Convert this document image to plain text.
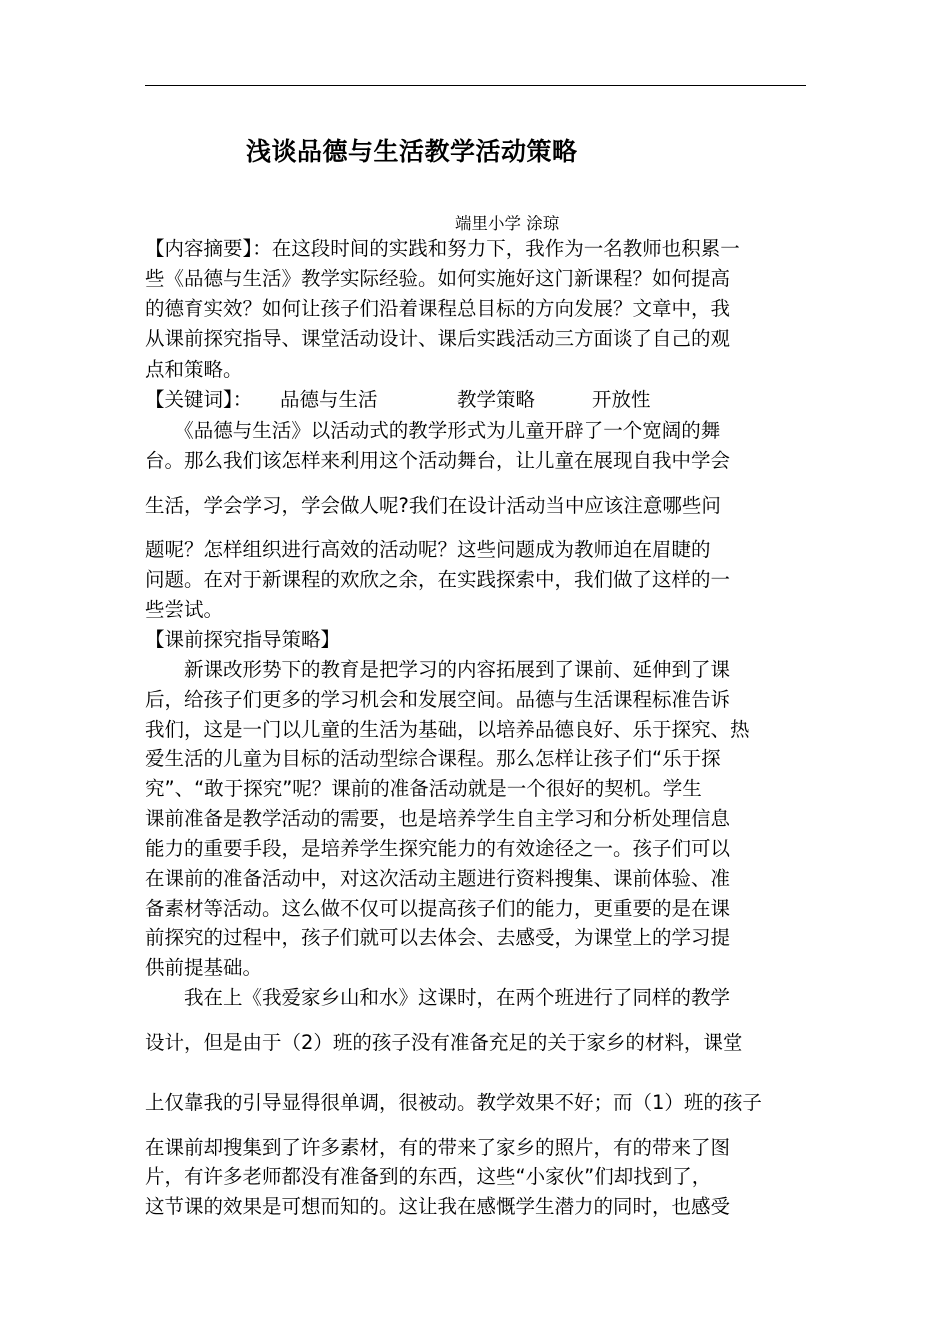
浅谈品德与生活教学活动策略
端里小学 涂琼
【内容摘要】：在这段时间的实践和努力下，我作为一名教师也积累一
些《品德与生活》教学实际经验。如何实施好这门新课程？如何提高
的德育实效？如何让孩子们沿着课程总目标的方向发展？文章中，我
从课前探究指导、课堂活动设计、课后实践活动三方面谈了自己的观
点和策略。
【关键词】： 品德与生活	教学策略	开放性
　　《品德与生活》以活动式的教学形式为儿童开辟了一个宽阔的舞
台。那么我们该怎样来利用这个活动舞台，让儿童在展现自我中学会
生活，学会学习，学会做人呢?我们在设计活动当中应该注意哪些问
题呢？怎样组织进行高效的活动呢？这些问题成为教师迫在眉睫的
问题。在对于新课程的欢欣之余，在实践探索中，我们做了这样的一
些尝试。
【课前探究指导策略】
　　新课改形势下的教育是把学习的内容拓展到了课前、延伸到了课
后，给孩子们更多的学习机会和发展空间。品德与生活课程标准告诉
我们，这是一门以儿童的生活为基础，以培养品德良好、乐于探究、热
爱生活的儿童为目标的活动型综合课程。那么怎样让孩子们“乐于探
究”、“敢于探究”呢？课前的准备活动就是一个很好的契机。学生
课前准备是教学活动的需要，也是培养学生自主学习和分析处理信息
能力的重要手段，是培养学生探究能力的有效途径之一。孩子们可以
在课前的准备活动中，对这次活动主题进行资料搜集、课前体验、准
备素材等活动。这么做不仅可以提高孩子们的能力，更重要的是在课
前探究的过程中，孩子们就可以去体会、去感受，为课堂上的学习提
供前提基础。
　　我在上《我爱家乡山和水》这课时，在两个班进行了同样的教学
设计，但是由于（2）班的孩子没有准备充足的关于家乡的材料，课堂
上仅靠我的引导显得很单调，很被动。教学效果不好；而（1）班的孩子
在课前却搜集到了许多素材，有的带来了家乡的照片，有的带来了图
片，有许多老师都没有准备到的东西，这些“小家伙”们却找到了，
这节课的效果是可想而知的。这让我在感慨学生潜力的同时，也感受
